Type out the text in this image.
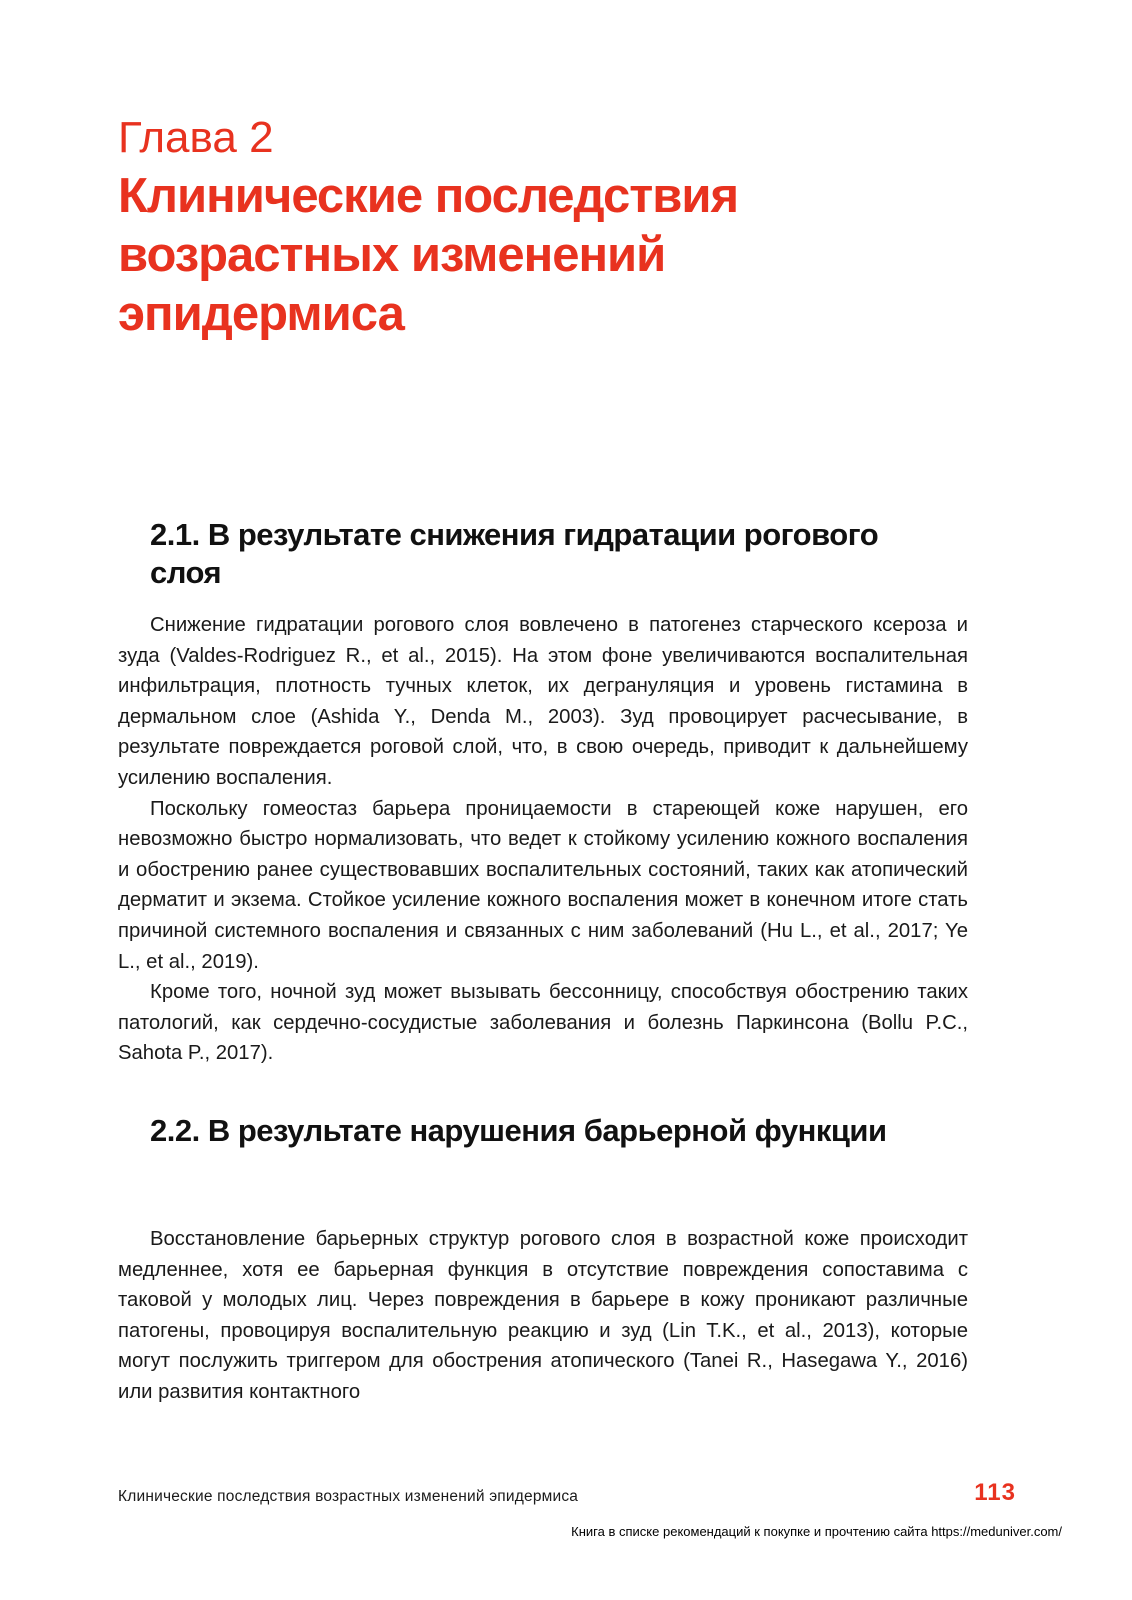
Глава 2
Клинические последствия возрастных изменений эпидермиса
2.1. В результате снижения гидратации рогового слоя

Снижение гидратации рогового слоя вовлечено в патогенез старческого ксероза и зуда (Valdes-Rodriguez R., et al., 2015). На этом фоне увеличиваются воспалительная инфильтрация, плотность тучных клеток, их дегрануляция и уровень гистамина в дермальном слое (Ashida Y., Denda M., 2003). Зуд провоцирует расчесывание, в результате повреждается роговой слой, что, в свою очередь, приводит к дальнейшему усилению воспаления.

Поскольку гомеостаз барьера проницаемости в стареющей коже нарушен, его невозможно быстро нормализовать, что ведет к стойкому усилению кожного воспаления и обострению ранее существовавших воспалительных состояний, таких как атопический дерматит и экзема. Стойкое усиление кожного воспаления может в конечном итоге стать причиной системного воспаления и связанных с ним заболеваний (Hu L., et al., 2017; Ye L., et al., 2019).

Кроме того, ночной зуд может вызывать бессонницу, способствуя обострению таких патологий, как сердечно-сосудистые заболевания и болезнь Паркинсона (Bollu P.C., Sahota P., 2017).

2.2. В результате нарушения барьерной функции

Восстановление барьерных структур рогового слоя в возрастной коже происходит медленнее, хотя ее барьерная функция в отсутствие повреждения сопоставима с таковой у молодых лиц. Через повреждения в барьере в кожу проникают различные патогены, провоцируя воспалительную реакцию и зуд (Lin T.K., et al., 2013), которые могут послужить триггером для обострения атопического (Tanei R., Hasegawa Y., 2016) или развития контактного

Клинические последствия возрастных изменений эпидермиса	113
Книга в списке рекомендаций к покупке и прочтению сайта https://meduniver.com/
